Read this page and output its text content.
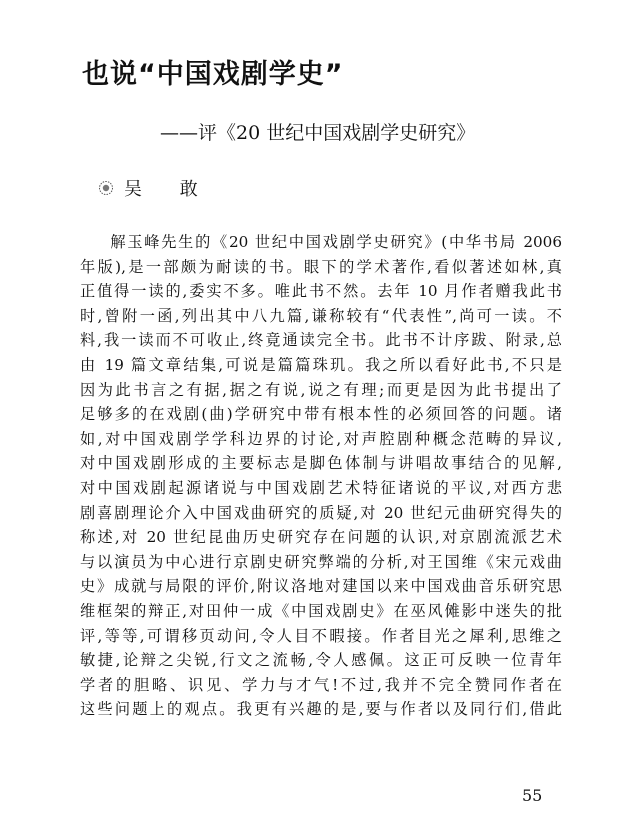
也说“中国戏剧学史”
——评《20 世纪中国戏剧学史研究》
吴 敢
解玉峰先生的《20 世纪中国戏剧学史研究》(中华书局 2006
年版),是一部颇为耐读的书。眼下的学术著作,看似著述如林,真
正值得一读的,委实不多。唯此书不然。去年 10 月作者赠我此书
时,曾附一函,列出其中八九篇,谦称较有“代表性”,尚可一读。不
料,我一读而不可收止,终竟通读完全书。此书不计序跋、附录,总
由 19 篇文章结集,可说是篇篇珠玑。我之所以看好此书,不只是
因为此书言之有据,据之有说,说之有理;而更是因为此书提出了
足够多的在戏剧(曲)学研究中带有根本性的必须回答的问题。诸
如,对中国戏剧学学科边界的讨论,对声腔剧种概念范畴的异议,
对中国戏剧形成的主要标志是脚色体制与讲唱故事结合的见解,
对中国戏剧起源诸说与中国戏剧艺术特征诸说的平议,对西方悲
剧喜剧理论介入中国戏曲研究的质疑,对 20 世纪元曲研究得失的
称述,对 20 世纪昆曲历史研究存在问题的认识,对京剧流派艺术
与以演员为中心进行京剧史研究弊端的分析,对王国维《宋元戏曲
史》成就与局限的评价,附议洛地对建国以来中国戏曲音乐研究思
维框架的辩正,对田仲一成《中国戏剧史》在巫风傩影中迷失的批
评,等等,可谓移页动问,令人目不暇接。作者目光之犀利,思维之
敏捷,论辩之尖锐,行文之流畅,令人感佩。这正可反映一位青年
学者的胆略、识见、学力与才气!不过,我并不完全赞同作者在
这些问题上的观点。我更有兴趣的是,要与作者以及同行们,借此
55
